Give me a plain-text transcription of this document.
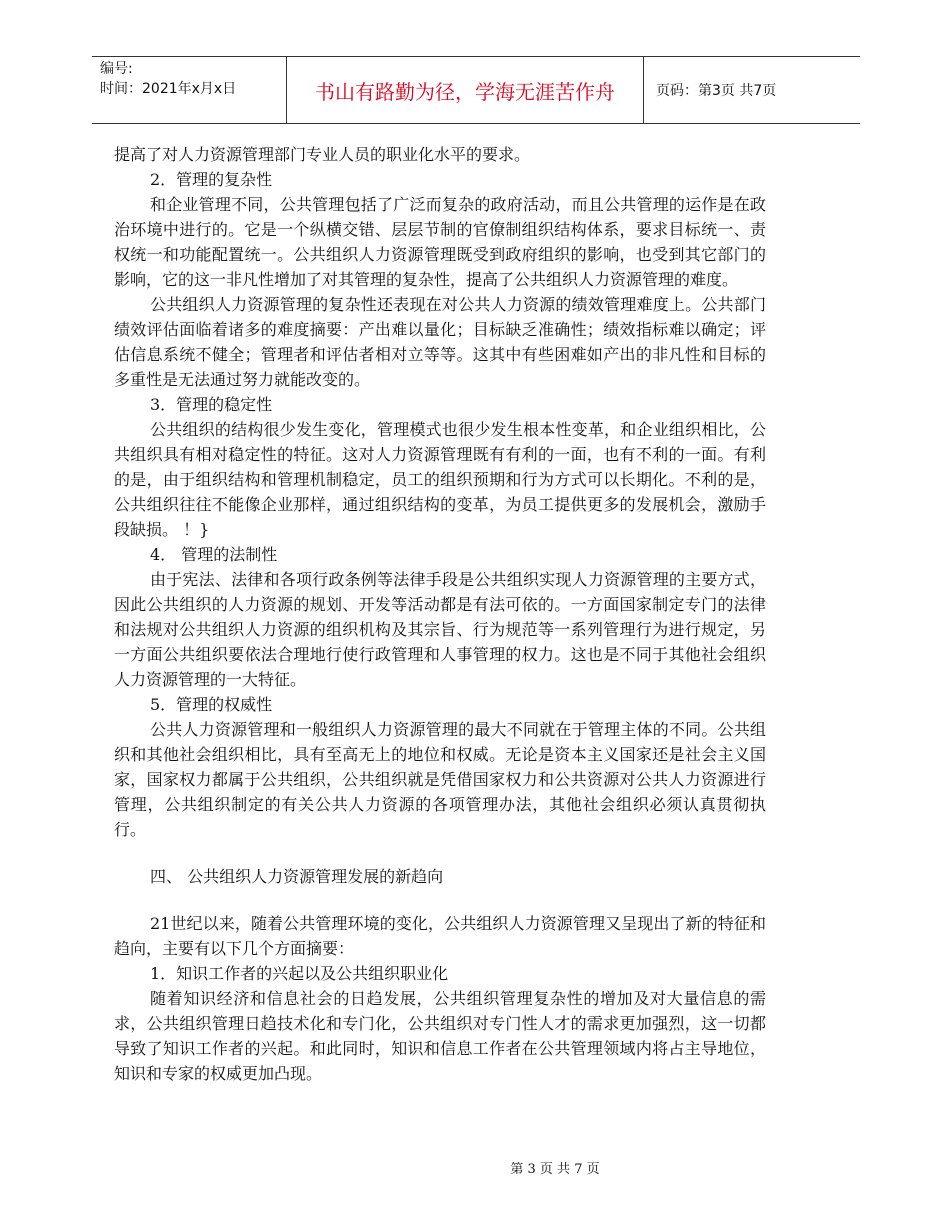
编号:
时间：2021年x月x日	书山有路勤为径，学海无涯苦作舟	页码：第3页 共7页

提高了对人力资源管理部门专业人员的职业化水平的要求。

2．管理的复杂性

和企业管理不同，公共管理包括了广泛而复杂的政府活动，而且公共管理的运作是在政治环境中进行的。它是一个纵横交错、层层节制的官僚制组织结构体系，要求目标统一、责权统一和功能配置统一。公共组织人力资源管理既受到政府组织的影响，也受到其它部门的影响，它的这一非凡性增加了对其管理的复杂性，提高了公共组织人力资源管理的难度。

公共组织人力资源管理的复杂性还表现在对公共人力资源的绩效管理难度上。公共部门绩效评估面临着诸多的难度摘要：产出难以量化；目标缺乏准确性；绩效指标难以确定；评估信息系统不健全；管理者和评估者相对立等等。这其中有些困难如产出的非凡性和目标的多重性是无法通过努力就能改变的。

3．管理的稳定性

公共组织的结构很少发生变化，管理模式也很少发生根本性变革，和企业组织相比，公共组织具有相对稳定性的特征。这对人力资源管理既有有利的一面，也有不利的一面。有利的是，由于组织结构和管理机制稳定，员工的组织预期和行为方式可以长期化。不利的是，公共组织往往不能像企业那样，通过组织结构的变革，为员工提供更多的发展机会，激励手段缺损。 ！}

4． 管理的法制性

由于宪法、法律和各项行政条例等法律手段是公共组织实现人力资源管理的主要方式，因此公共组织的人力资源的规划、开发等活动都是有法可依的。一方面国家制定专门的法律和法规对公共组织人力资源的组织机构及其宗旨、行为规范等一系列管理行为进行规定，另一方面公共组织要依法合理地行使行政管理和人事管理的权力。这也是不同于其他社会组织人力资源管理的一大特征。

5．管理的权威性

公共人力资源管理和一般组织人力资源管理的最大不同就在于管理主体的不同。公共组织和其他社会组织相比，具有至高无上的地位和权威。无论是资本主义国家还是社会主义国家，国家权力都属于公共组织，公共组织就是凭借国家权力和公共资源对公共人力资源进行管理，公共组织制定的有关公共人力资源的各项管理办法，其他社会组织必须认真贯彻执行。

四、 公共组织人力资源管理发展的新趋向

21世纪以来，随着公共管理环境的变化，公共组织人力资源管理又呈现出了新的特征和趋向，主要有以下几个方面摘要：

1．知识工作者的兴起以及公共组织职业化

随着知识经济和信息社会的日趋发展，公共组织管理复杂性的增加及对大量信息的需求，公共组织管理日趋技术化和专门化，公共组织对专门性人才的需求更加强烈，这一切都导致了知识工作者的兴起。和此同时，知识和信息工作者在公共管理领域内将占主导地位，知识和专家的权威更加凸现。

第 3 页 共 7 页
